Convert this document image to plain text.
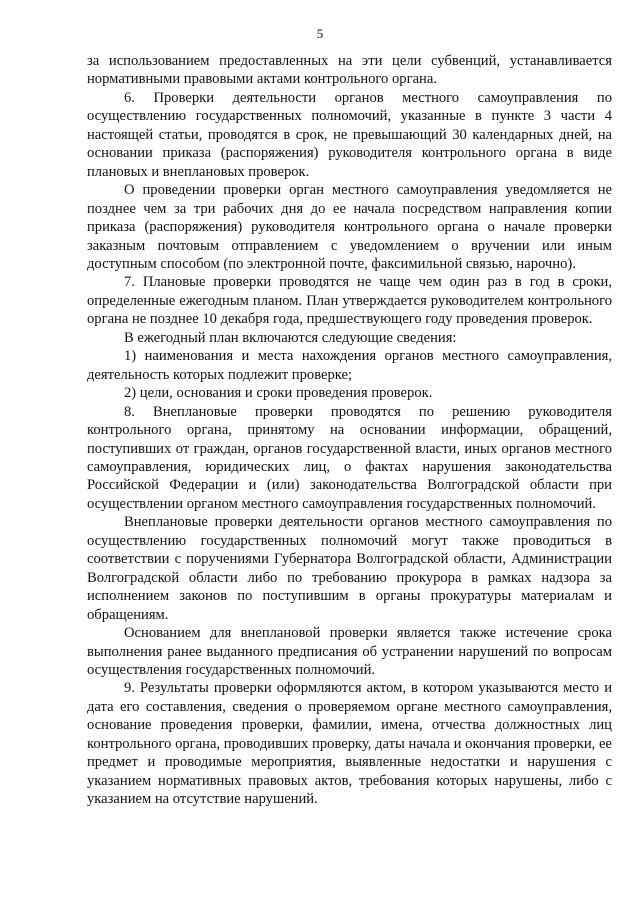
5

за использованием предоставленных на эти цели субвенций, устанавливается нормативными правовыми актами контрольного органа.

6. Проверки деятельности органов местного самоуправления по осуществлению государственных полномочий, указанные в пункте 3 части 4 настоящей статьи, проводятся в срок, не превышающий 30 календарных дней, на основании приказа (распоряжения) руководителя контрольного органа в виде плановых и внеплановых проверок.

О проведении проверки орган местного самоуправления уведомляется не позднее чем за три рабочих дня до ее начала посредством направления копии приказа (распоряжения) руководителя контрольного органа о начале проверки заказным почтовым отправлением с уведомлением о вручении или иным доступным способом (по электронной почте, факсимильной связью, нарочно).

7. Плановые проверки проводятся не чаще чем один раз в год в сроки, определенные ежегодным планом. План утверждается руководителем контрольного органа не позднее 10 декабря года, предшествующего году проведения проверок.

В ежегодный план включаются следующие сведения:

1) наименования и места нахождения органов местного самоуправления, деятельность которых подлежит проверке;

2) цели, основания и сроки проведения проверок.

8. Внеплановые проверки проводятся по решению руководителя контрольного органа, принятому на основании информации, обращений, поступивших от граждан, органов государственной власти, иных органов местного самоуправления, юридических лиц, о фактах нарушения законодательства Российской Федерации и (или) законодательства Волгоградской области при осуществлении органом местного самоуправления государственных полномочий.

Внеплановые проверки деятельности органов местного самоуправления по осуществлению государственных полномочий могут также проводиться в соответствии с поручениями Губернатора Волгоградской области, Администрации Волгоградской области либо по требованию прокурора в рамках надзора за исполнением законов по поступившим в органы прокуратуры материалам и обращениям.

Основанием для внеплановой проверки является также истечение срока выполнения ранее выданного предписания об устранении нарушений по вопросам осуществления государственных полномочий.

9. Результаты проверки оформляются актом, в котором указываются место и дата его составления, сведения о проверяемом органе местного самоуправления, основание проведения проверки, фамилии, имена, отчества должностных лиц контрольного органа, проводивших проверку, даты начала и окончания проверки, ее предмет и проводимые мероприятия, выявленные недостатки и нарушения с указанием нормативных правовых актов, требования которых нарушены, либо с указанием на отсутствие нарушений.
